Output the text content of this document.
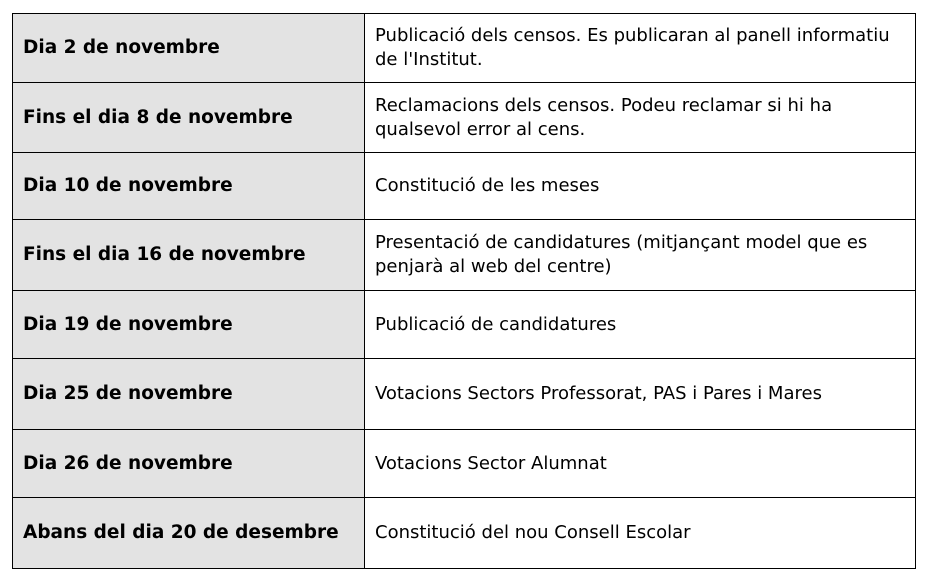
Dia 2 de novembre	Publicació dels censos. Es publicaran al panell informatiu de l'Institut.
Fins el dia 8 de novembre	Reclamacions dels censos. Podeu reclamar si hi ha qualsevol error al cens.
Dia 10 de novembre	Constitució de les meses
Fins el dia 16 de novembre	Presentació de candidatures (mitjançant model que es penjarà al web del centre)
Dia 19 de novembre	Publicació de candidatures
Dia 25 de novembre	Votacions Sectors Professorat, PAS i Pares i Mares
Dia 26 de novembre	Votacions Sector Alumnat
Abans del dia 20 de desembre	Constitució del nou Consell Escolar
